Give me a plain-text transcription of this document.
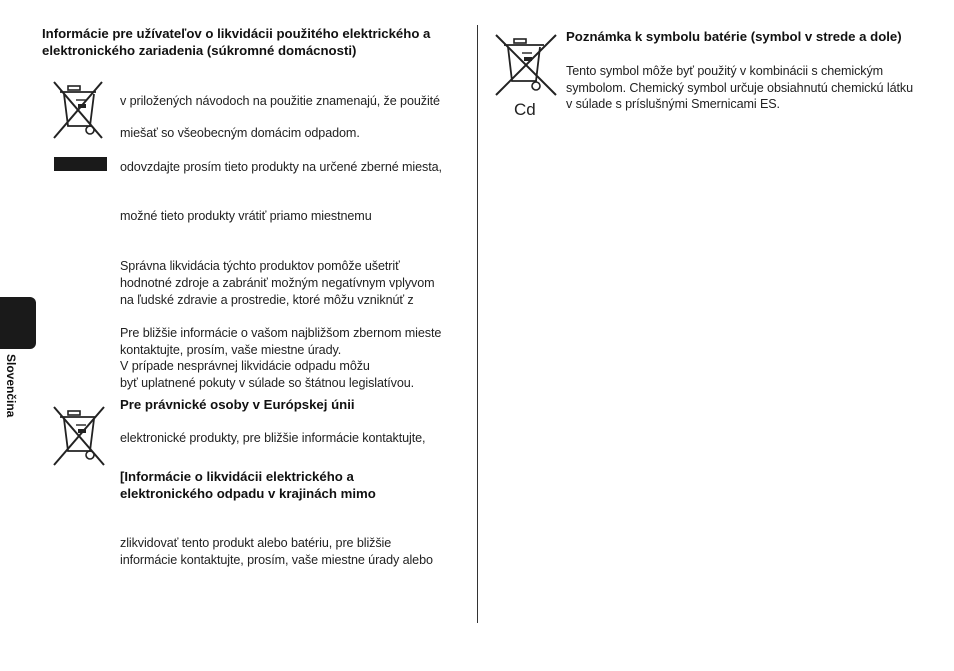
Slovenčina
Informácie pre užívateľov o likvidácii použitého elektrického a elektronického zariadenia (súkromné domácnosti)
v priložených návodoch na použitie znamenajú, že použité
miešať so všeobecným domácim odpadom.
odovzdajte prosím tieto produkty na určené zberné miesta,
možné tieto produkty vrátiť priamo miestnemu
Správna likvidácia týchto produktov pomôže ušetriť
hodnotné zdroje a zabrániť možným negatívnym vplyvom
na ľudské zdravie a prostredie, ktoré môžu vzniknúť z
Pre bližšie informácie o vašom najbližšom zbernom mieste
kontaktujte, prosím, vaše miestne úrady.
V prípade nesprávnej likvidácie odpadu môžu
byť uplatnené pokuty v súlade so štátnou legislatívou.
Pre právnické osoby v Európskej únii
elektronické produkty, pre bližšie informácie kontaktujte,
[Informácie o likvidácii elektrického a elektronického odpadu v krajinách mimo
zlikvidovať tento produkt alebo batériu, pre bližšie
informácie kontaktujte, prosím, vaše miestne úrady alebo
Cd
Poznámka k symbolu batérie (symbol v strede a dole)
Tento symbol môže byť použitý v kombinácii s chemickým symbolom. Chemický symbol určuje obsiahnutú chemickú látku v súlade s príslušnými Smernicami ES.
